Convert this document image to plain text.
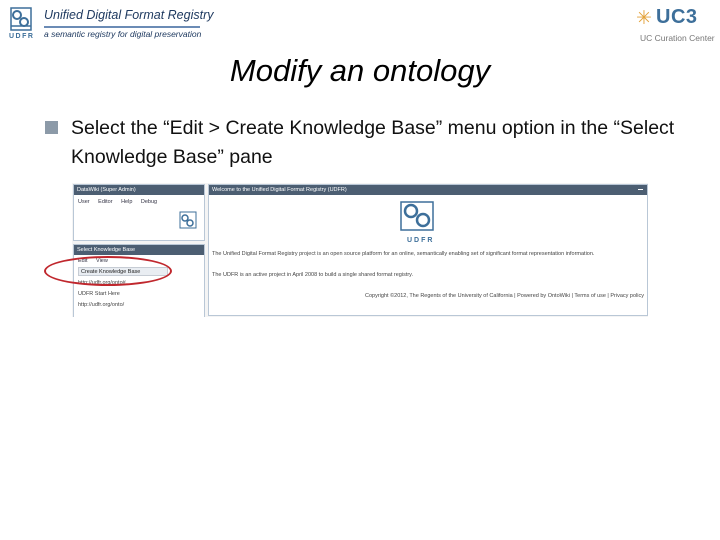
UDFR
Unified Digital Format Registry
a semantic registry for digital preservation
✳ UC3
UC Curation Center
Modify an ontology
Select the “Edit > Create Knowledge Base” menu option in the “Select Knowledge Base” pane
DataWiki (Super Admin)
User Editor Help Debug
Select Knowledge Base
Edit View
Create Knowledge Base
http://udfr.org/onto#
UDFR Start Here
http://udfr.org/onto/
Welcome to the Unified Digital Format Registry (UDFR)
UDFR
The Unified Digital Format Registry project is an open source platform for an online, semantically enabling set of significant format representation information.
The UDFR is an active project in April 2008 to build a single shared format registry.
Copyright ©2012, The Regents of the University of California | Powered by OntoWiki | Terms of use | Privacy policy
